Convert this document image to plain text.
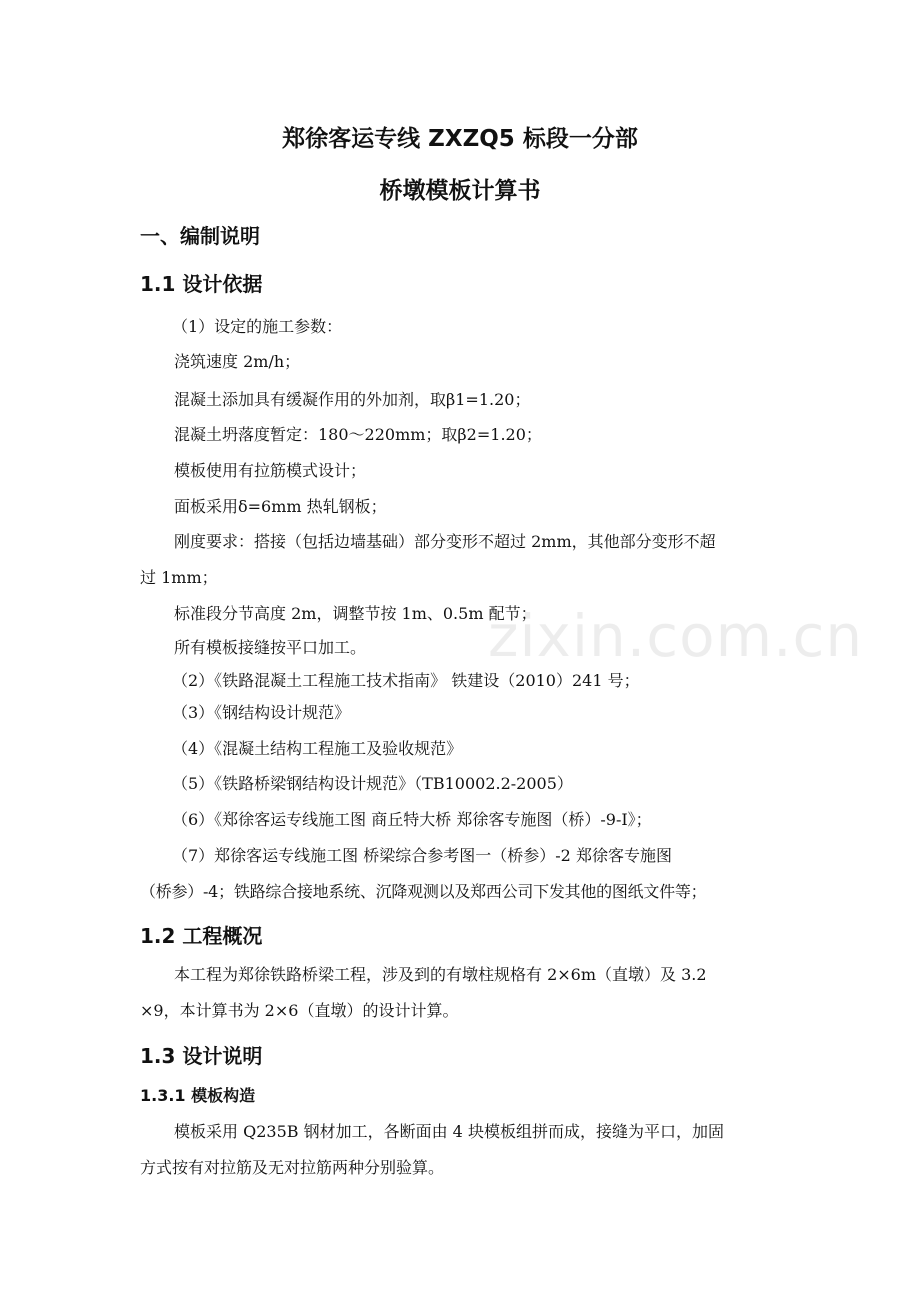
zixin.com.cn
郑徐客运专线 ZXZQ5 标段一分部
桥墩模板计算书
一、编制说明
1.1 设计依据
（1）设定的施工参数：
浇筑速度 2m/h；
混凝土添加具有缓凝作用的外加剂，取β1=1.20；
混凝土坍落度暂定：180～220mm；取β2=1.20；
模板使用有拉筋模式设计；
面板采用δ=6mm 热轧钢板；
刚度要求：搭接（包括边墙基础）部分变形不超过 2mm，其他部分变形不超
过 1mm；
标准段分节高度 2m，调整节按 1m、0.5m 配节；
所有模板接缝按平口加工。
（2）《铁路混凝土工程施工技术指南》 铁建设（2010）241 号；
（3）《钢结构设计规范》
（4）《混凝土结构工程施工及验收规范》
（5）《铁路桥梁钢结构设计规范》（TB10002.2-2005）
（6）《郑徐客运专线施工图 商丘特大桥 郑徐客专施图（桥）-9-Ⅰ》；
（7）郑徐客运专线施工图 桥梁综合参考图一（桥参）-2 郑徐客专施图
（桥参）-4；铁路综合接地系统、沉降观测以及郑西公司下发其他的图纸文件等；
1.2 工程概况
本工程为郑徐铁路桥梁工程，涉及到的有墩柱规格有 2×6m（直墩）及 3.2
×9，本计算书为 2×6（直墩）的设计计算。
1.3 设计说明
1.3.1 模板构造
模板采用 Q235B 钢材加工，各断面由 4 块模板组拼而成，接缝为平口，加固
方式按有对拉筋及无对拉筋两种分别验算。
